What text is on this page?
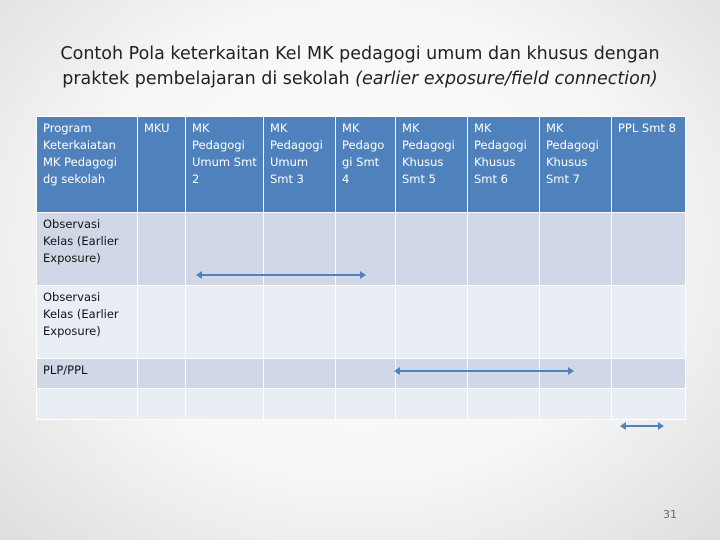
Contoh Pola keterkaitan Kel MK pedagogi umum dan khusus dengan praktek pembelajaran di sekolah (earlier exposure/field connection)
Program Keterkaiatan MK Pedagogi dg sekolah	MKU	MK Pedagogi Umum Smt 2	MK Pedagogi Umum Smt 3	MK Pedago gi Smt 4	MK Pedagogi Khusus Smt 5	MK Pedagogi Khusus Smt 6	MK Pedagogi Khusus Smt 7	PPL Smt 8
Observasi Kelas (Earlier Exposure)								
Observasi Kelas (Earlier Exposure)								
PLP/PPL								

31
